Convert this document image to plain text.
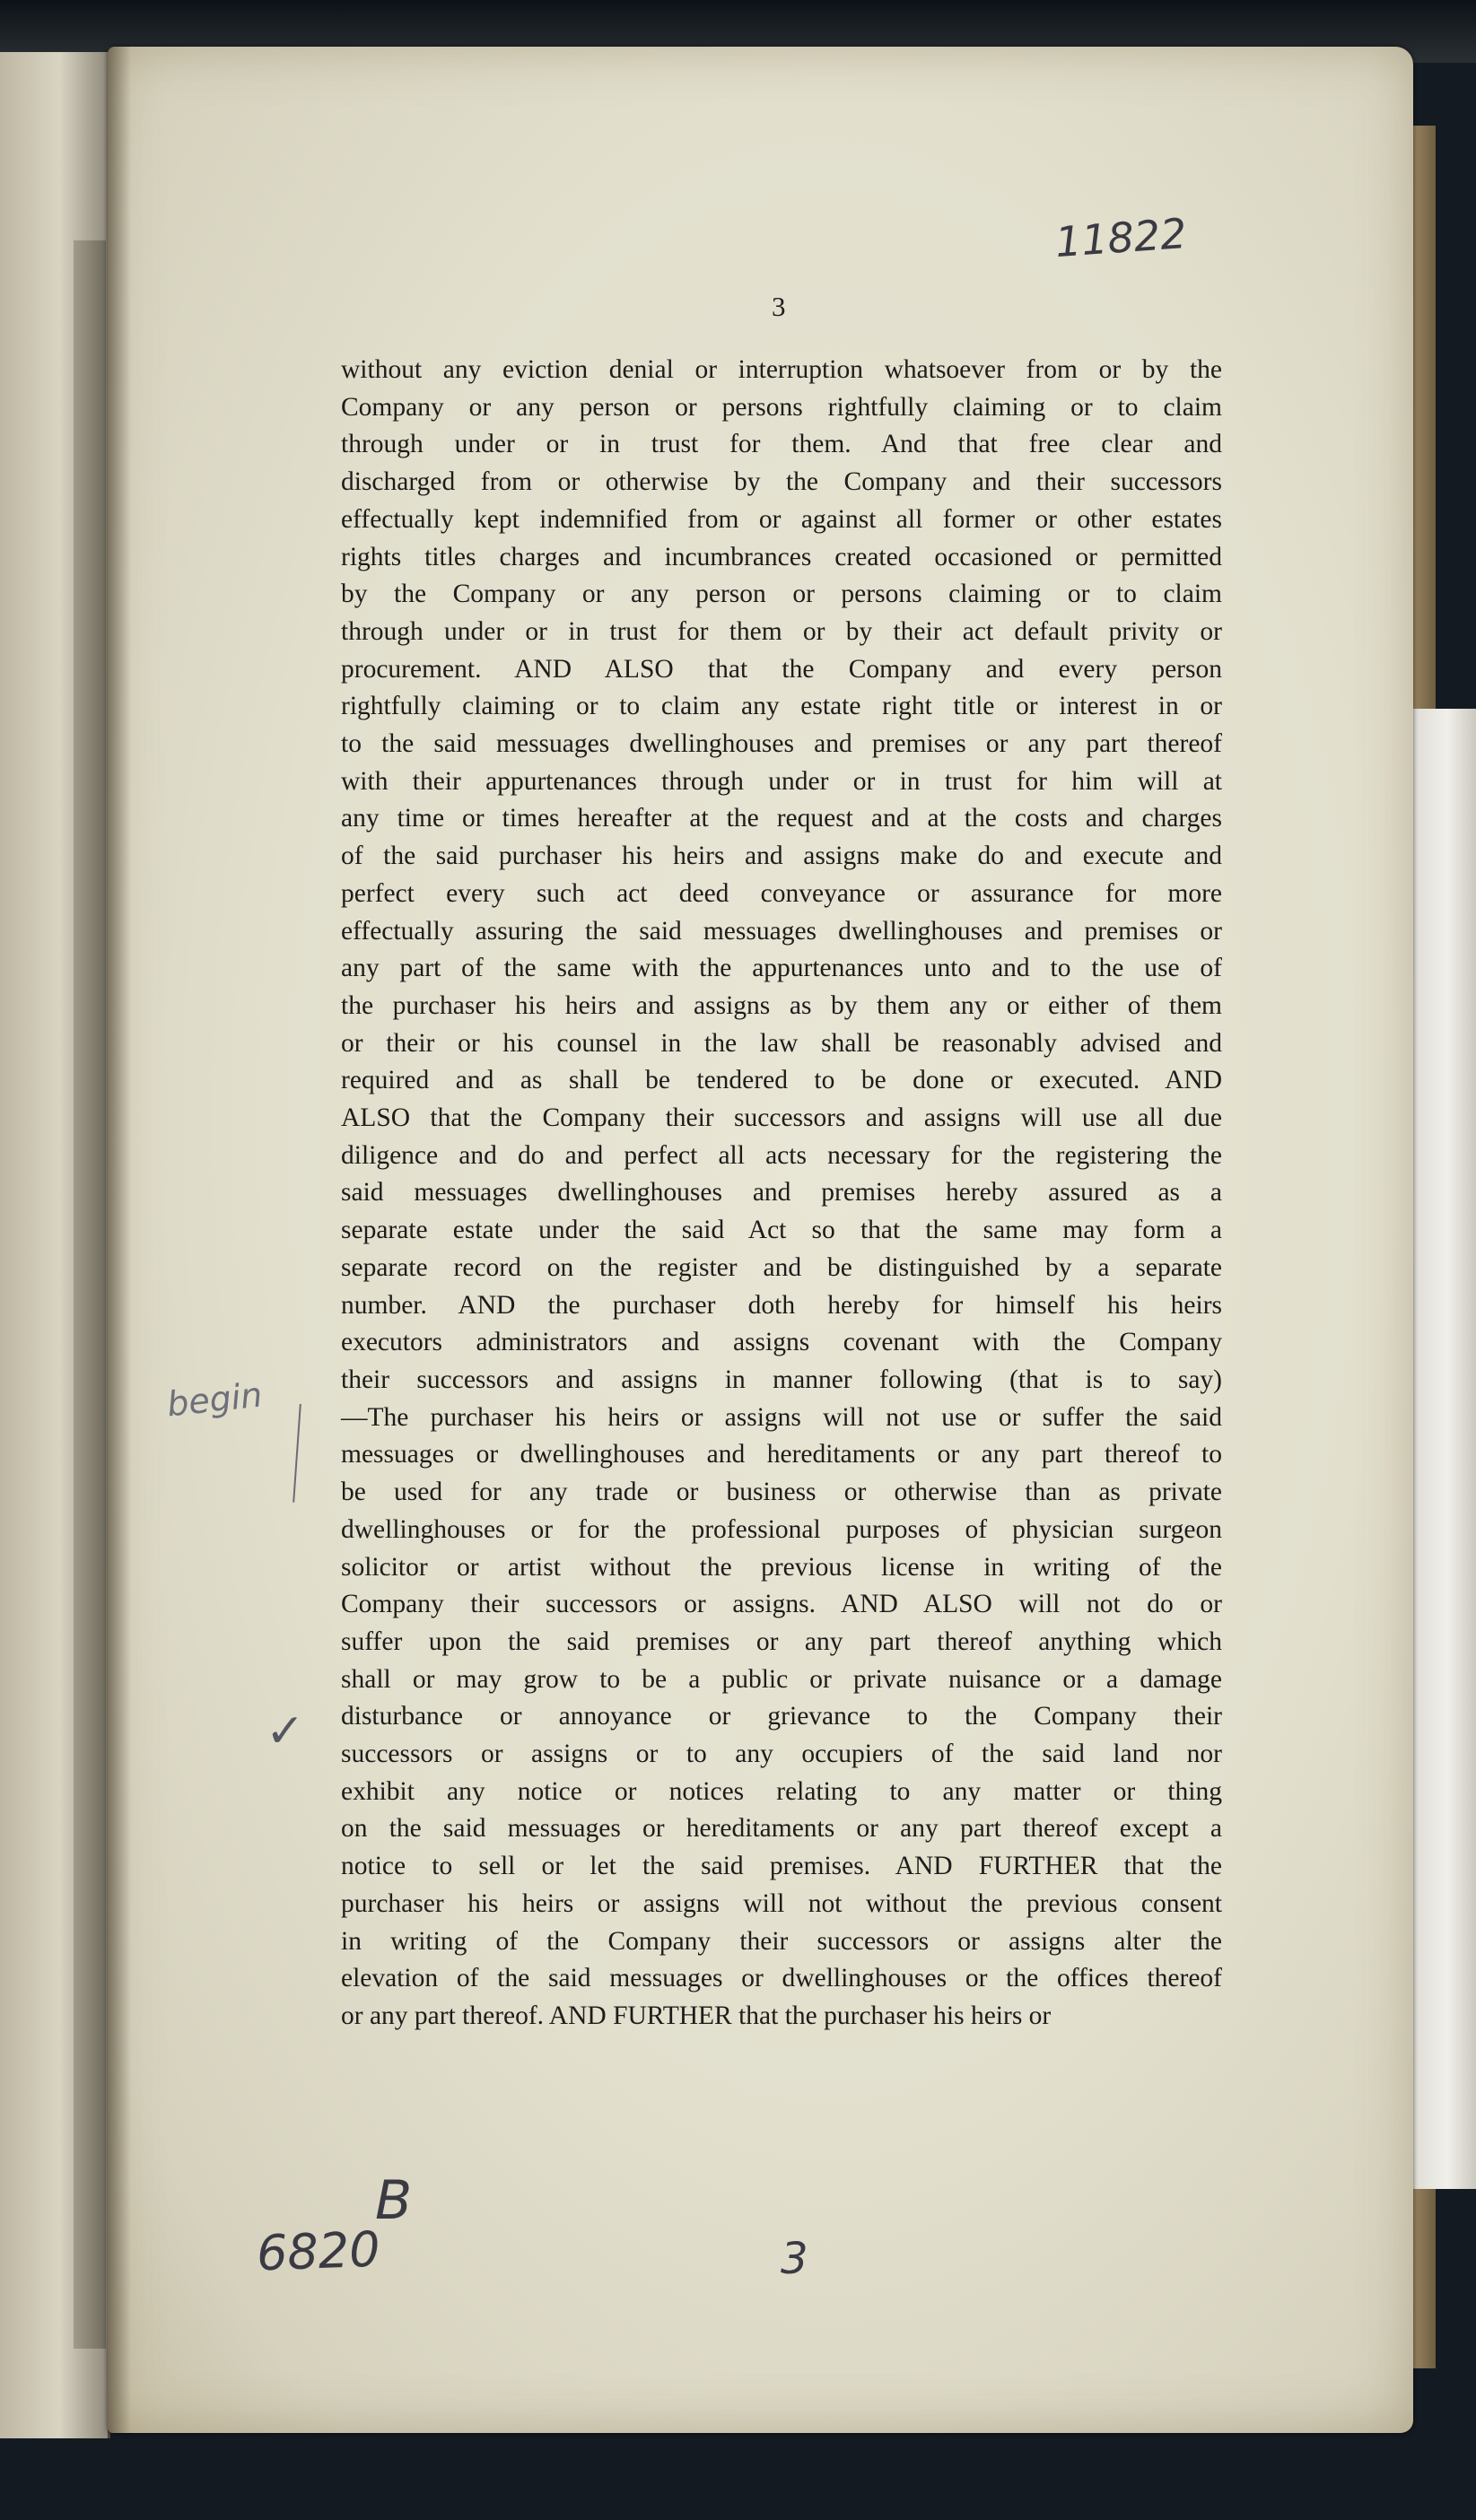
11822
3
begin
✓
without any eviction denial or interruption whatsoever from or by the
Company or any person or persons rightfully claiming or to claim
through under or in trust for them. And that free clear and
discharged from or otherwise by the Company and their successors
effectually kept indemnified from or against all former or other estates
rights titles charges and incumbrances created occasioned or permitted
by the Company or any person or persons claiming or to claim
through under or in trust for them or by their act default privity or
procurement. AND ALSO that the Company and every person
rightfully claiming or to claim any estate right title or interest in or
to the said messuages dwellinghouses and premises or any part thereof
with their appurtenances through under or in trust for him will at
any time or times hereafter at the request and at the costs and charges
of the said purchaser his heirs and assigns make do and execute and
perfect every such act deed conveyance or assurance for more
effectually assuring the said messuages dwellinghouses and premises or
any part of the same with the appurtenances unto and to the use of
the purchaser his heirs and assigns as by them any or either of them
or their or his counsel in the law shall be reasonably advised and
required and as shall be tendered to be done or executed. AND
ALSO that the Company their successors and assigns will use all due
diligence and do and perfect all acts necessary for the registering the
said messuages dwellinghouses and premises hereby assured as a
separate estate under the said Act so that the same may form a
separate record on the register and be distinguished by a separate
number. AND the purchaser doth hereby for himself his heirs
executors administrators and assigns covenant with the Company
their successors and assigns in manner following (that is to say)
—The purchaser his heirs or assigns will not use or suffer the said
messuages or dwellinghouses and hereditaments or any part thereof to
be used for any trade or business or otherwise than as private
dwellinghouses or for the professional purposes of physician surgeon
solicitor or artist without the previous license in writing of the
Company their successors or assigns. AND ALSO will not do or
suffer upon the said premises or any part thereof anything which
shall or may grow to be a public or private nuisance or a damage
disturbance or annoyance or grievance to the Company their
successors or assigns or to any occupiers of the said land nor
exhibit any notice or notices relating to any matter or thing
on the said messuages or hereditaments or any part thereof except a
notice to sell or let the said premises. AND FURTHER that the
purchaser his heirs or assigns will not without the previous consent
in writing of the Company their successors or assigns alter the
elevation of the said messuages or dwellinghouses or the offices thereof
or any part thereof. AND FURTHER that the purchaser his heirs or
B
6820	3
